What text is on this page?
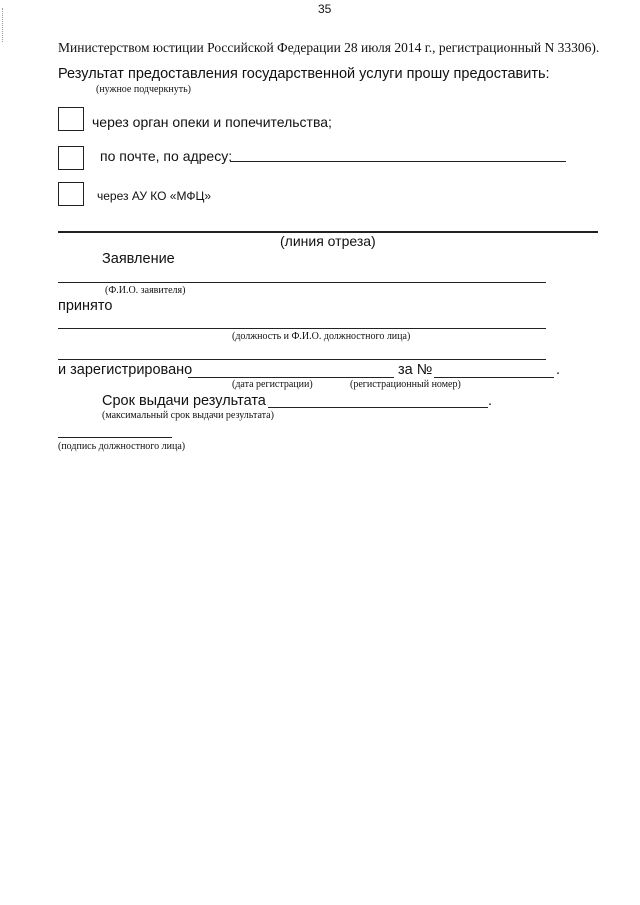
35
Министерством юстиции Российской Федерации 28 июля 2014 г., регистрационный N 33306).
Результат предоставления государственной услуги прошу предоставить:
(нужное подчеркнуть)
через орган опеки и попечительства;
по почте, по адресу:
через АУ КО «МФЦ»
(линия отреза)
Заявление
(Ф.И.О. заявителя)
принято
(должность и Ф.И.О. должностного лица)
и зарегистрировано	за №	.
(дата регистрации)	(регистрационный номер)
Срок выдачи результата	.
(максимальный срок выдачи результата)
(подпись должностного лица)
